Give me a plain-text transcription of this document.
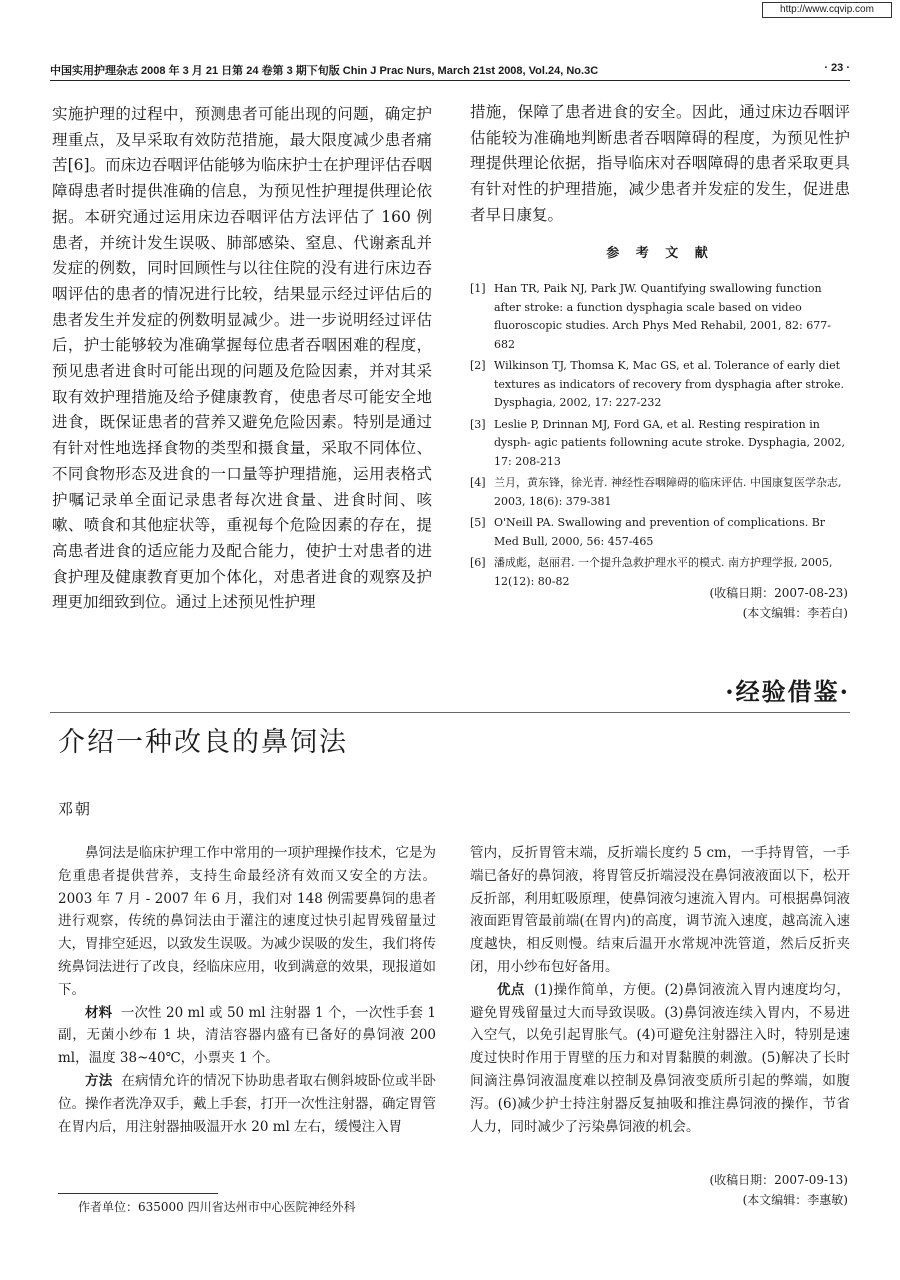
http://www.cqvip.com
中国实用护理杂志 2008 年 3 月 21 日第 24 卷第 3 期下旬版 Chin J Prac Nurs, March 21st 2008, Vol.24, No.3C	· 23 ·

实施护理的过程中，预测患者可能出现的问题，确定护理重点，及早采取有效防范措施，最大限度减少患者痛苦[6]。而床边吞咽评估能够为临床护士在护理评估吞咽障碍患者时提供准确的信息，为预见性护理提供理论依据。本研究通过运用床边吞咽评估方法评估了 160 例患者，并统计发生误吸、肺部感染、窒息、代谢紊乱并发症的例数，同时回顾性与以往住院的没有进行床边吞咽评估的患者的情况进行比较，结果显示经过评估后的患者发生并发症的例数明显减少。进一步说明经过评估后，护士能够较为准确掌握每位患者吞咽困难的程度，预见患者进食时可能出现的问题及危险因素，并对其采取有效护理措施及给予健康教育，使患者尽可能安全地进食，既保证患者的营养又避免危险因素。特别是通过有针对性地选择食物的类型和摄食量，采取不同体位、不同食物形态及进食的一口量等护理措施，运用表格式护嘱记录单全面记录患者每次进食量、进食时间、咳嗽、喷食和其他症状等，重视每个危险因素的存在，提高患者进食的适应能力及配合能力，使护士对患者的进食护理及健康教育更加个体化，对患者进食的观察及护理更加细致到位。通过上述预见性护理

措施，保障了患者进食的安全。因此，通过床边吞咽评估能较为准确地判断患者吞咽障碍的程度，为预见性护理提供理论依据，指导临床对吞咽障碍的患者采取更具有针对性的护理措施，减少患者并发症的发生，促进患者早日康复。

参 考 文 献
[1] Han TR, Paik NJ, Park JW. Quantifying swallowing function after stroke: a function dysphagia scale based on video fluoroscopic studies. Arch Phys Med Rehabil, 2001, 82: 677-682
[2] Wilkinson TJ, Thomsa K, Mac GS, et al. Tolerance of early diet textures as indicators of recovery from dysphagia after stroke. Dysphagia, 2002, 17: 227-232
[3] Leslie P, Drinnan MJ, Ford GA, et al. Resting respiration in dysph- agic patients followning acute stroke. Dysphagia, 2002, 17: 208-213
[4] 兰月，黄东锋，徐光青. 神经性吞咽障碍的临床评估. 中国康复医学杂志, 2003, 18(6): 379-381
[5] O'Neill PA. Swallowing and prevention of complications. Br Med Bull, 2000, 56: 457-465
[6] 潘成彪，赵丽君. 一个提升急救护理水平的模式. 南方护理学报, 2005, 12(12): 80-82
(收稿日期：2007-08-23)
(本文编辑：李若白)
·经验借鉴·
介绍一种改良的鼻饲法
邓朝

鼻饲法是临床护理工作中常用的一项护理操作技术，它是为危重患者提供营养，支持生命最经济有效而又安全的方法。2003 年 7 月 - 2007 年 6 月，我们对 148 例需要鼻饲的患者进行观察，传统的鼻饲法由于灌注的速度过快引起胃残留量过大，胃排空延迟，以致发生误吸。为减少误吸的发生，我们将传统鼻饲法进行了改良，经临床应用，收到满意的效果，现报道如下。

材料 一次性 20 ml 或 50 ml 注射器 1 个，一次性手套 1 副，无菌小纱布 1 块，清洁容器内盛有已备好的鼻饲液 200 ml，温度 38~40℃，小票夹 1 个。

方法 在病情允许的情况下协助患者取右侧斜坡卧位或半卧位。操作者洗净双手，戴上手套，打开一次性注射器，确定胃管在胃内后，用注射器抽吸温开水 20 ml 左右，缓慢注入胃

管内，反折胃管末端，反折端长度约 5 cm，一手持胃管，一手端已备好的鼻饲液，将胃管反折端浸没在鼻饲液液面以下，松开反折部，利用虹吸原理，使鼻饲液匀速流入胃内。可根据鼻饲液液面距胃管最前端(在胃内)的高度，调节流入速度，越高流入速度越快，相反则慢。结束后温开水常规冲洗管道，然后反折夹闭，用小纱布包好备用。

优点 (1)操作简单，方便。(2)鼻饲液流入胃内速度均匀，避免胃残留量过大而导致误吸。(3)鼻饲液连续入胃内，不易进入空气，以免引起胃胀气。(4)可避免注射器注入时，特别是速度过快时作用于胃壁的压力和对胃黏膜的刺激。(5)解决了长时间滴注鼻饲液温度难以控制及鼻饲液变质所引起的弊端，如腹泻。(6)减少护士持注射器反复抽吸和推注鼻饲液的操作，节省人力，同时减少了污染鼻饲液的机会。

(收稿日期：2007-09-13)
(本文编辑：李惠敏)
作者单位：635000 四川省达州市中心医院神经外科
